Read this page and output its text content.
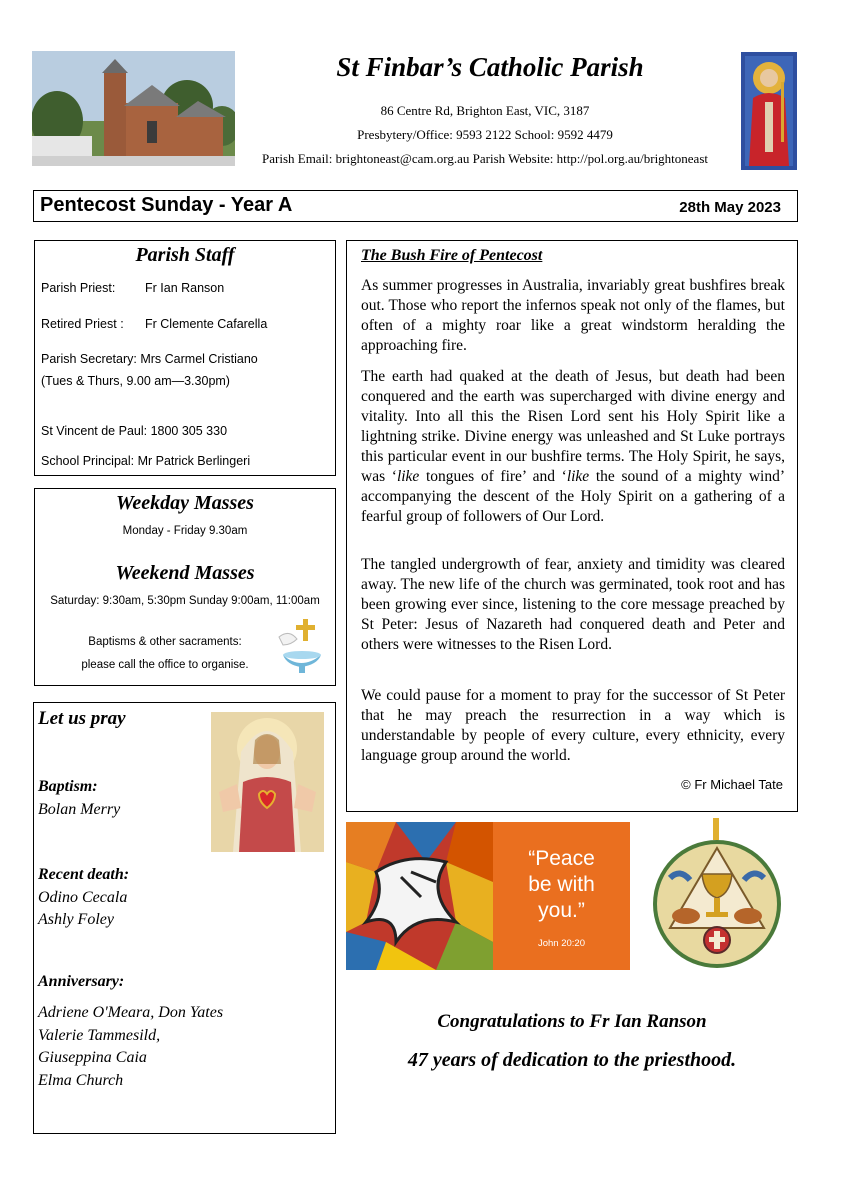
St Finbar’s Catholic Parish
86 Centre Rd, Brighton East, VIC, 3187
Presbytery/Office: 9593 2122 School: 9592 4479
Parish Email: brightoneast@cam.org.au Parish Website: http://pol.org.au/brightoneast
Pentecost Sunday - Year A	28th May 2023
Parish Staff
Parish Priest: Fr Ian Ranson
Retired Priest : Fr Clemente Cafarella
Parish Secretary: Mrs Carmel Cristiano
(Tues & Thurs, 9.00 am—3.30pm)
St Vincent de Paul: 1800 305 330
School Principal: Mr Patrick Berlingeri
Weekday Masses
Monday - Friday 9.30am
Weekend Masses
Saturday: 9:30am, 5:30pm Sunday 9:00am, 11:00am
Baptisms & other sacraments:
please call the office to organise.
Let us pray
Baptism:
Bolan Merry
Recent death:
Odino Cecala
Ashly Foley
Anniversary:
Adriene O'Meara, Don Yates
Valerie Tammesild,
Giuseppina Caia
Elma Church
The Bush Fire of Pentecost
As summer progresses in Australia, invariably great bushfires break out. Those who report the infernos speak not only of the flames, but often of a mighty roar like a great windstorm heralding the approaching fire.
The earth had quaked at the death of Jesus, but death had been conquered and the earth was supercharged with divine energy and vitality. Into all this the Risen Lord sent his Holy Spirit like a lightning strike. Divine energy was unleashed and St Luke portrays this particular event in our bushfire terms. The Holy Spirit, he says, was ‘like tongues of fire’ and ‘like the sound of a mighty wind’ accompanying the descent of the Holy Spirit on a gathering of a fearful group of followers of Our Lord.
The tangled undergrowth of fear, anxiety and timidity was cleared away. The new life of the church was germinated, took root and has been growing ever since, listening to the core message preached by St Peter: Jesus of Nazareth had conquered death and Peter and others were witnesses to the Risen Lord.
We could pause for a moment to pray for the successor of St Peter that he may preach the resurrection in a way which is understandable by people of every culture, every ethnicity, every language group around the world.
© Fr Michael Tate
“Peace
be with
you.”
John 20:20
Congratulations to Fr Ian Ranson
47 years of dedication to the priesthood.
